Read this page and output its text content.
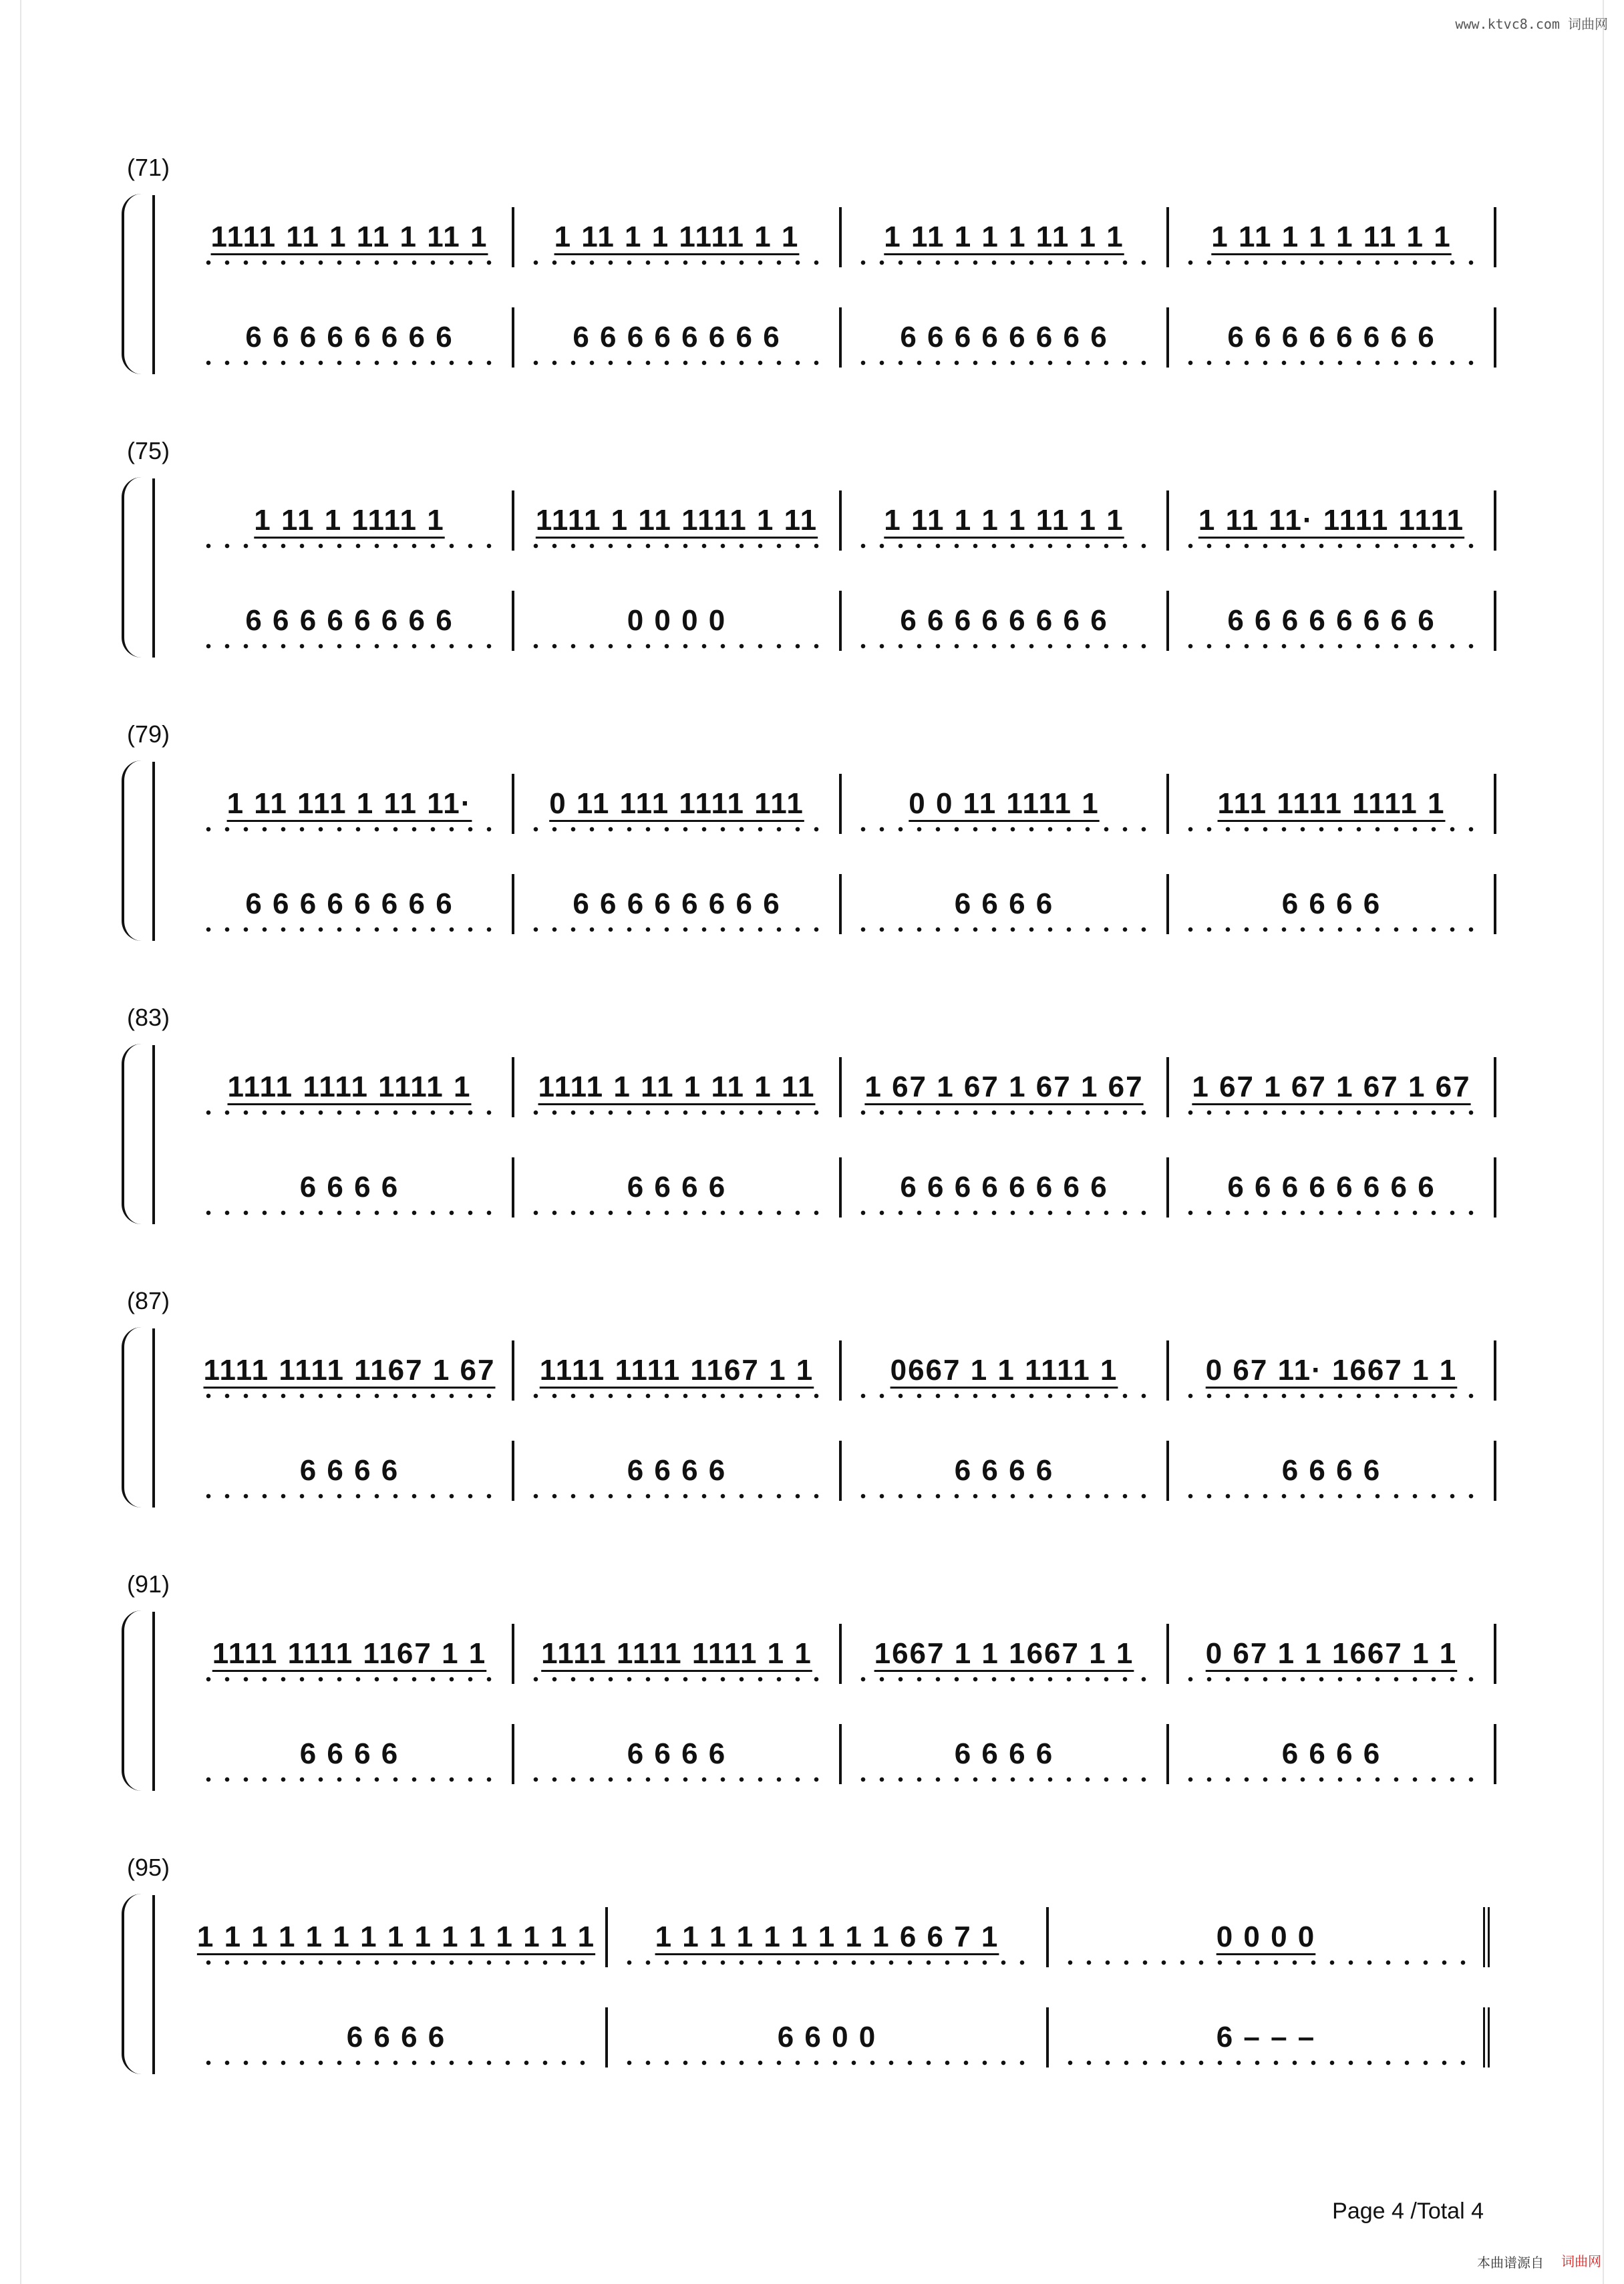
www.ktvc8.com 词曲网
(71)
1111 11 1 11 1 11 1	1 11 1 1 1111 1 1	1 11 1 1 1 11 1 1	1 11 1 1 1 11 1 1
6 6 6 6 6 6 6 6	6 6 6 6 6 6 6 6	6 6 6 6 6 6 6 6	6 6 6 6 6 6 6 6
(75)
1 11 1 1111 1	1111 1 11 1111 1 11	1 11 1 1 1 11 1 1	1 11 11· 1111 1111
6 6 6 6 6 6 6 6	0 0 0 0	6 6 6 6 6 6 6 6	6 6 6 6 6 6 6 6
(79)
1 11 111 1 11 11·	0 11 111 1111 111	0 0 11 1111 1	111 1111 1111 1
6 6 6 6 6 6 6 6	6 6 6 6 6 6 6 6	6 6 6 6	6 6 6 6
(83)
1111 1111 1111 1	1111 1 11 1 11 1 11	1 67 1 67 1 67 1 67	1 67 1 67 1 67 1 67
6 6 6 6	6 6 6 6	6 6 6 6 6 6 6 6	6 6 6 6 6 6 6 6
(87)
1111 1111 1167 1 67	1111 1111 1167 1 1	0667 1 1 1111 1	0 67 11· 1667 1 1
6 6 6 6	6 6 6 6	6 6 6 6	6 6 6 6
(91)
1111 1111 1167 1 1	1111 1111 1111 1 1	1667 1 1 1667 1 1	0 67 1 1 1667 1 1
6 6 6 6	6 6 6 6	6 6 6 6	6 6 6 6
(95)
1 1 1 1 1 1 1 1 1 1 1 1 1 1 1	1 1 1 1 1 1 1 1 1 6 6 7 1	0 0 0 0
6 6 6 6	6 6 0 0	6 – – –
Page 4 /Total 4
本曲谱源自 词曲网
